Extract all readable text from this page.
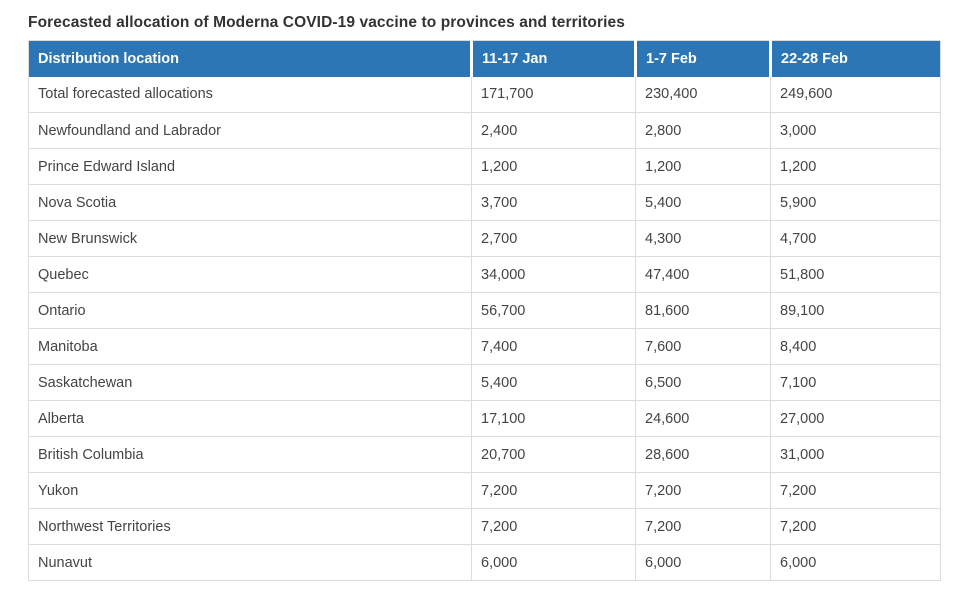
Forecasted allocation of Moderna COVID-19 vaccine to provinces and territories
Distribution location	11-17 Jan	1-7 Feb	22-28 Feb
Total forecasted allocations	171,700	230,400	249,600
Newfoundland and Labrador	2,400	2,800	3,000
Prince Edward Island	1,200	1,200	1,200
Nova Scotia	3,700	5,400	5,900
New Brunswick	2,700	4,300	4,700
Quebec	34,000	47,400	51,800
Ontario	56,700	81,600	89,100
Manitoba	7,400	7,600	8,400
Saskatchewan	5,400	6,500	7,100
Alberta	17,100	24,600	27,000
British Columbia	20,700	28,600	31,000
Yukon	7,200	7,200	7,200
Northwest Territories	7,200	7,200	7,200
Nunavut	6,000	6,000	6,000
